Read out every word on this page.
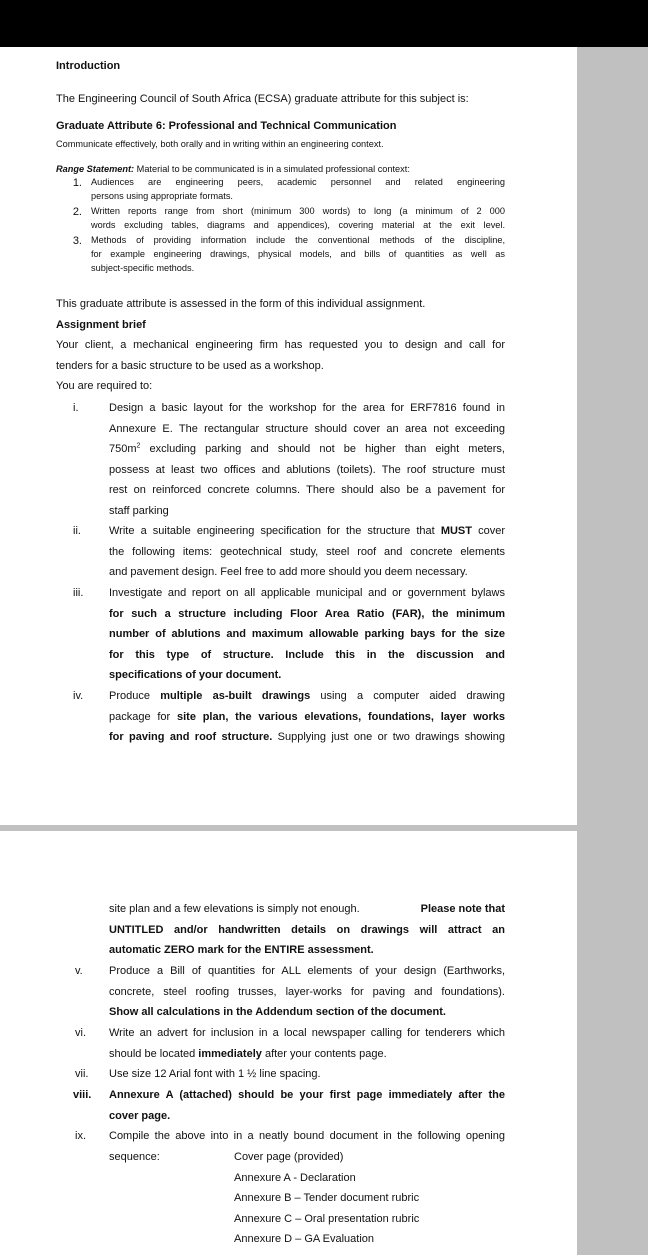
Introduction
The Engineering Council of South Africa (ECSA) graduate attribute for this subject is:
Graduate Attribute 6: Professional and Technical Communication
Communicate effectively, both orally and in writing within an engineering context.
Range Statement: Material to be communicated is in a simulated professional context:
1. Audiences are engineering peers, academic personnel and related engineering
persons using appropriate formats.
2. Written reports range from short (minimum 300 words) to long (a minimum of 2 000
words excluding tables, diagrams and appendices), covering material at the exit level.
3. Methods of providing information include the conventional methods of the discipline,
for example engineering drawings, physical models, and bills of quantities as well as
subject-specific methods.
This graduate attribute is assessed in the form of this individual assignment.
Assignment brief
Your client, a mechanical engineering firm has requested you to design and call for
tenders for a basic structure to be used as a workshop.
You are required to:
i.	Design a basic layout for the workshop for the area for ERF7816 found in
Annexure E. The rectangular structure should cover an area not exceeding
$750m^2$ excluding parking and should not be higher than eight meters,
possess at least two offices and ablutions (toilets). The roof structure must
rest on reinforced concrete columns. There should also be a pavement for
staff parking
ii.	Write a suitable engineering specification for the structure that MUST cover
the following items: geotechnical study, steel roof and concrete elements
and pavement design. Feel free to add more should you deem necessary.
iii. Investigate and report on all applicable municipal and or government bylaws
for such a structure including Floor Area Ratio (FAR), the minimum
number of ablutions and maximum allowable parking bays for the size
for this type of structure. Include this in the discussion and
specifications of your document.
iv. Produce multiple as-built drawings using a computer aided drawing
package for site plan, the various elevations, foundations, layer works
for paving and roof structure. Supplying just one or two drawings showing
site plan and a few elevations is simply not enough.	Please note that
UNTITLED and/or handwritten details on drawings will attract an
automatic ZERO mark for the ENTIRE assessment.
v. Produce a Bill of quantities for ALL elements of your design (Earthworks,
concrete, steel roofing trusses, layer-works for paving and foundations).
Show all calculations in the Addendum section of the document.
vi. Write an advert for inclusion in a local newspaper calling for tenderers which
should be located immediately after your contents page.
vii. Use size 12 Arial font with 1 ½ line spacing.
viii. Annexure A (attached) should be your first page immediately after the
cover page.
ix. Compile the above into in a neatly bound document in the following opening
sequence:	Cover page (provided)
Annexure A - Declaration
Annexure B – Tender document rubric
Annexure C – Oral presentation rubric
Annexure D – GA Evaluation
